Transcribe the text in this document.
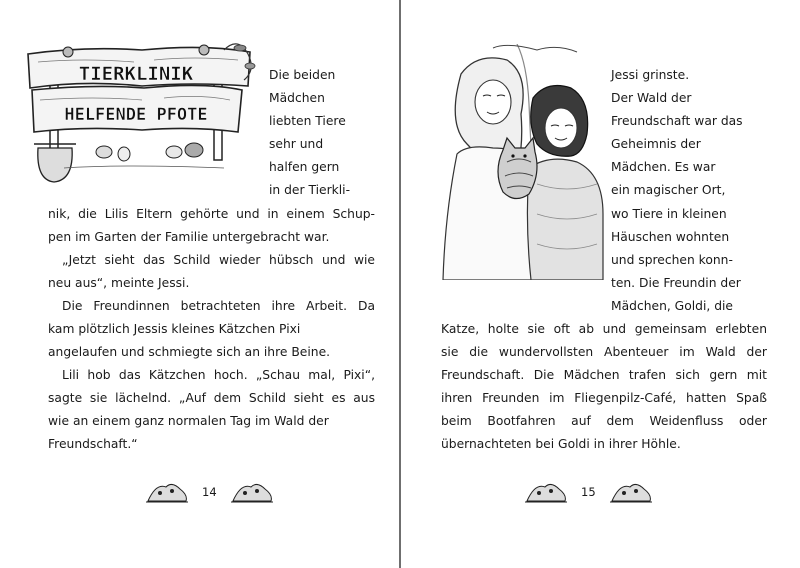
TIERKLINIK
HELFENDE PFOTE
Die beiden
Mädchen
liebten Tiere
sehr und
halfen gern
in der Tierkli-
nik, die Lilis Eltern gehörte und in einem Schup-
pen im Garten der Familie untergebracht war.
„Jetzt sieht das Schild wieder hübsch und wie
neu aus“, meinte Jessi.
Die Freundinnen betrachteten ihre Arbeit. Da
kam plötzlich Jessis kleines Kätzchen Pixi
angelaufen und schmiegte sich an ihre Beine.
Lili hob das Kätzchen hoch. „Schau mal, Pixi“,
sagte sie lächelnd. „Auf dem Schild sieht es aus
wie an einem ganz normalen Tag im Wald der
Freundschaft.“
14
Jessi grinste.
Der Wald der
Freundschaft war das
Geheimnis der
Mädchen. Es war
ein magischer Ort,
wo Tiere in kleinen
Häuschen wohnten
und sprechen konn-
ten. Die Freundin der
Mädchen, Goldi, die
Katze, holte sie oft ab und gemeinsam erlebten
sie die wundervollsten Abenteuer im Wald der
Freundschaft. Die Mädchen trafen sich gern mit
ihren Freunden im Fliegenpilz-Café, hatten Spaß
beim Bootfahren auf dem Weidenfluss oder
übernachteten bei Goldi in ihrer Höhle.
15
